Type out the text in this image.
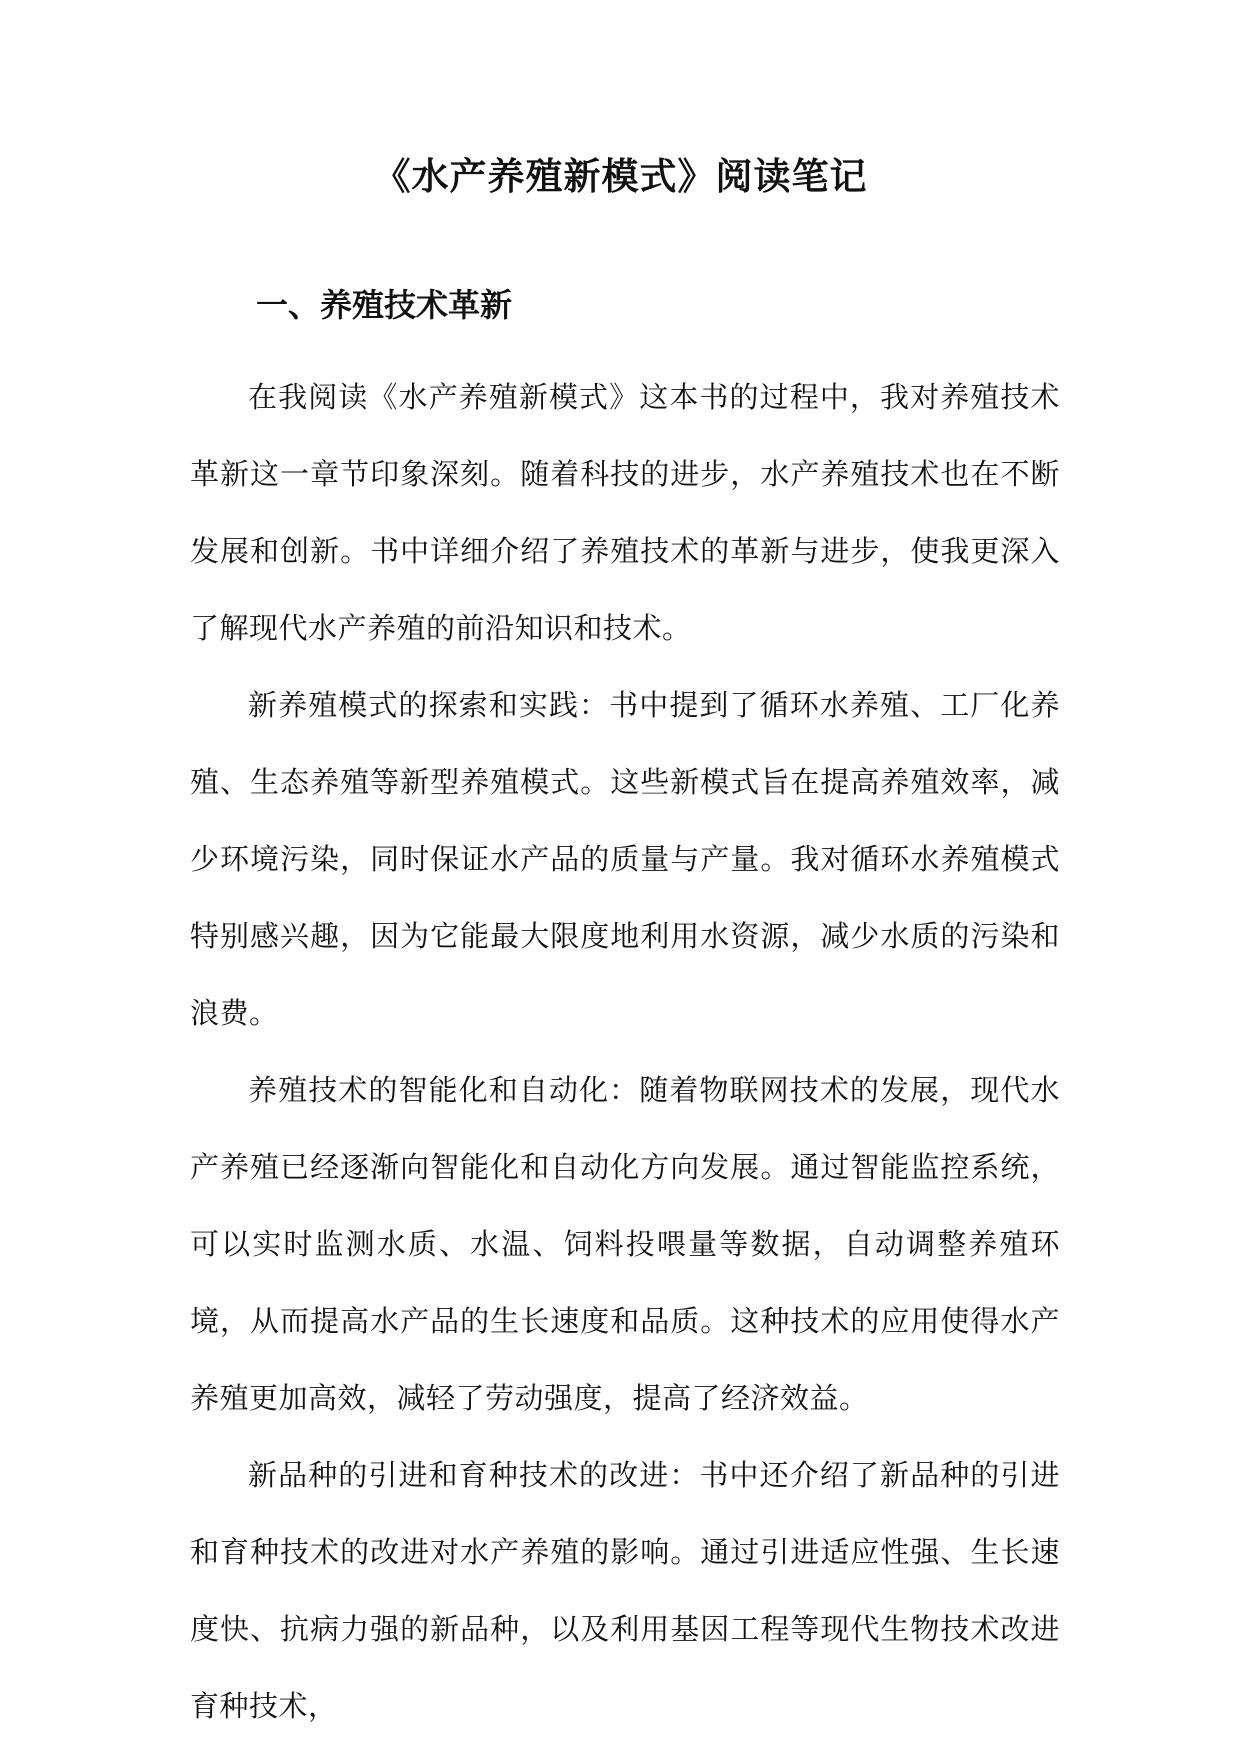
《水产养殖新模式》阅读笔记
一、养殖技术革新

在我阅读《水产养殖新模式》这本书的过程中，我对养殖技术革新这一章节印象深刻。随着科技的进步，水产养殖技术也在不断发展和创新。书中详细介绍了养殖技术的革新与进步，使我更深入了解现代水产养殖的前沿知识和技术。

新养殖模式的探索和实践：书中提到了循环水养殖、工厂化养殖、生态养殖等新型养殖模式。这些新模式旨在提高养殖效率，减少环境污染，同时保证水产品的质量与产量。我对循环水养殖模式特别感兴趣，因为它能最大限度地利用水资源，减少水质的污染和浪费。

养殖技术的智能化和自动化：随着物联网技术的发展，现代水产养殖已经逐渐向智能化和自动化方向发展。通过智能监控系统，可以实时监测水质、水温、饲料投喂量等数据，自动调整养殖环境，从而提高水产品的生长速度和品质。这种技术的应用使得水产养殖更加高效，减轻了劳动强度，提高了经济效益。

新品种的引进和育种技术的改进：书中还介绍了新品种的引进和育种技术的改进对水产养殖的影响。通过引进适应性强、生长速度快、抗病力强的新品种，以及利用基因工程等现代生物技术改进育种技术，
